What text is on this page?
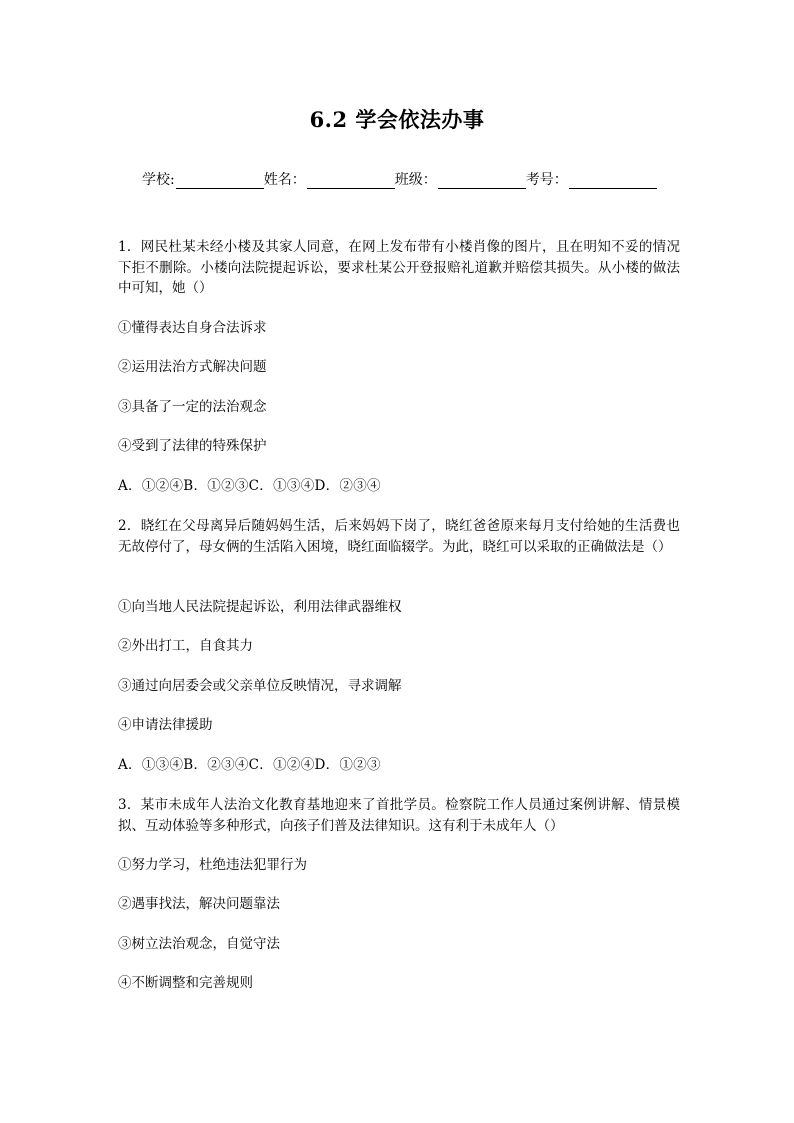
6.2 学会依法办事
学校:	姓名：	班级：	考号：
1．网民杜某未经小楼及其家人同意，在网上发布带有小楼肖像的图片，且在明知不妥的情况下拒不删除。小楼向法院提起诉讼，要求杜某公开登报赔礼道歉并赔偿其损失。从小楼的做法中可知，她（）
①懂得表达自身合法诉求
②运用法治方式解决问题
③具备了一定的法治观念
④受到了法律的特殊保护
A．①②④B．①②③C．①③④D．②③④
2．晓红在父母离异后随妈妈生活，后来妈妈下岗了，晓红爸爸原来每月支付给她的生活费也无故停付了，母女俩的生活陷入困境，晓红面临辍学。为此，晓红可以采取的正确做法是（）
①向当地人民法院提起诉讼，利用法律武器维权
②外出打工，自食其力
③通过向居委会或父亲单位反映情况，寻求调解
④申请法律援助
A．①③④B．②③④C．①②④D．①②③
3．某市未成年人法治文化教育基地迎来了首批学员。检察院工作人员通过案例讲解、情景模拟、互动体验等多种形式，向孩子们普及法律知识。这有利于未成年人（）
①努力学习，杜绝违法犯罪行为
②遇事找法，解决问题靠法
③树立法治观念，自觉守法
④不断调整和完善规则
